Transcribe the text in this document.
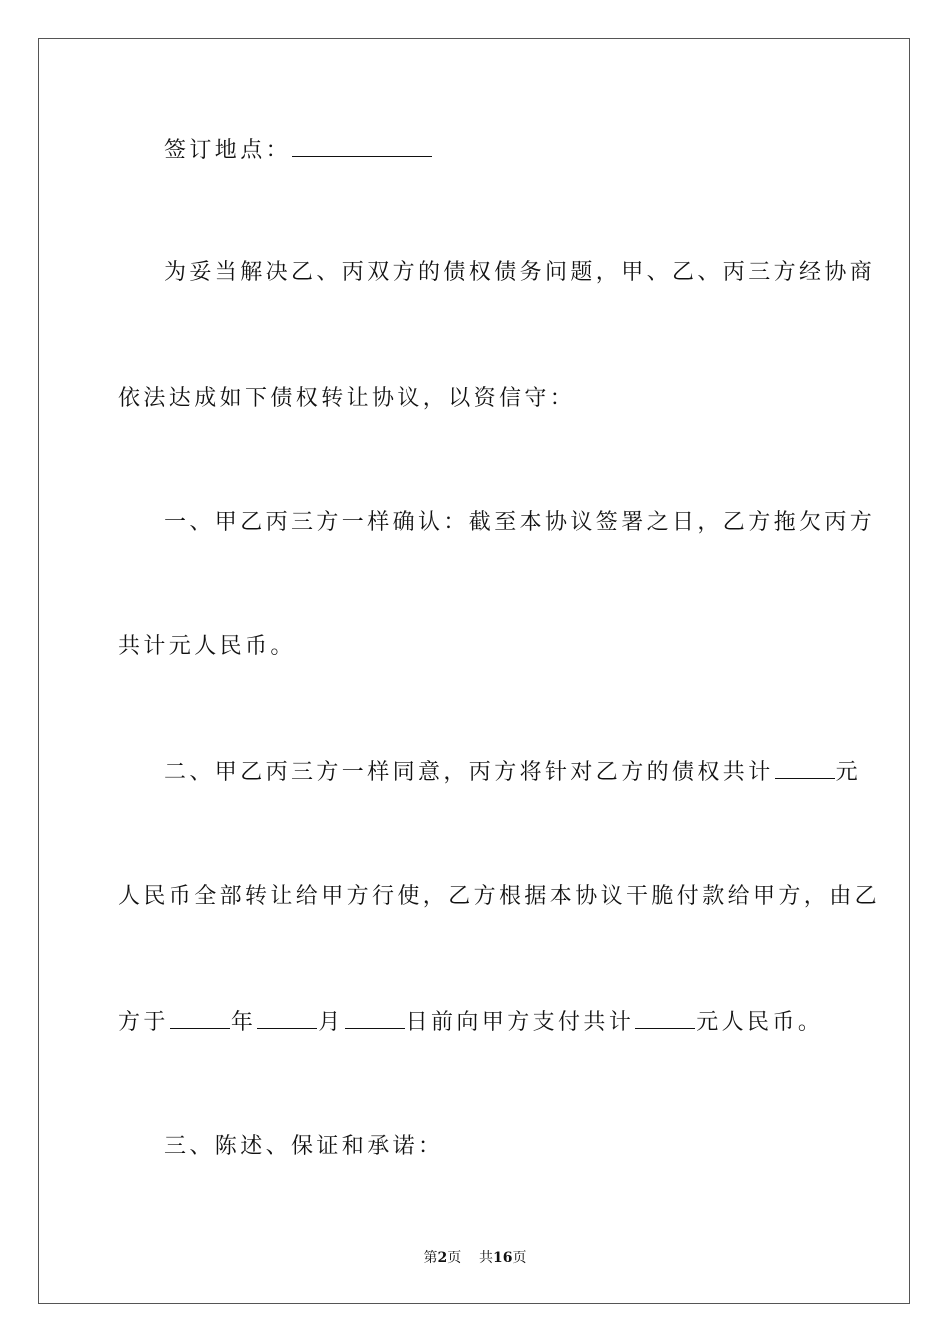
签订地点：
为妥当解决乙、丙双方的债权债务问题，甲、乙、丙三方经协商
依法达成如下债权转让协议，以资信守：
一、甲乙丙三方一样确认：截至本协议签署之日，乙方拖欠丙方
共计元人民币。
二、甲乙丙三方一样同意，丙方将针对乙方的债权共计	元
人民币全部转让给甲方行使，乙方根据本协议干脆付款给甲方，由乙
方于	年	月	日前向甲方支付共计	元人民币。
三、陈述、保证和承诺：
第2页 共16页
